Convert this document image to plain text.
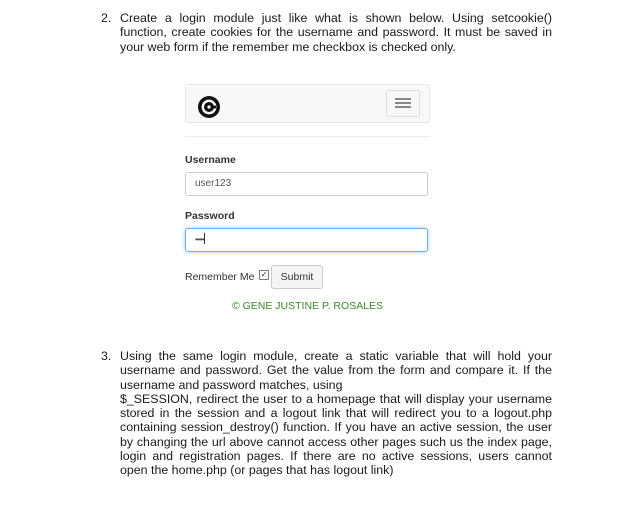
2. Create a login module just like what is shown below. Using setcookie() function, create cookies for the username and password. It must be saved in your web form if the remember me checkbox is checked only.

Username
user123
Password
•••••
Remember Me ✓	Submit
© GENE JUSTINE P. ROSALES
3. Using the same login module, create a static variable that will hold your username and password. Get the value from the form and compare it. If the username and password matches, using

$_SESSION, redirect the user to a homepage that will display your username stored in the session and a logout link that will redirect you to a logout.php containing session_destroy() function. If you have an active session, the user by changing the url above cannot access other pages such us the index page, login and registration pages. If there are no active sessions, users cannot open the home.php (or pages that has logout link)
